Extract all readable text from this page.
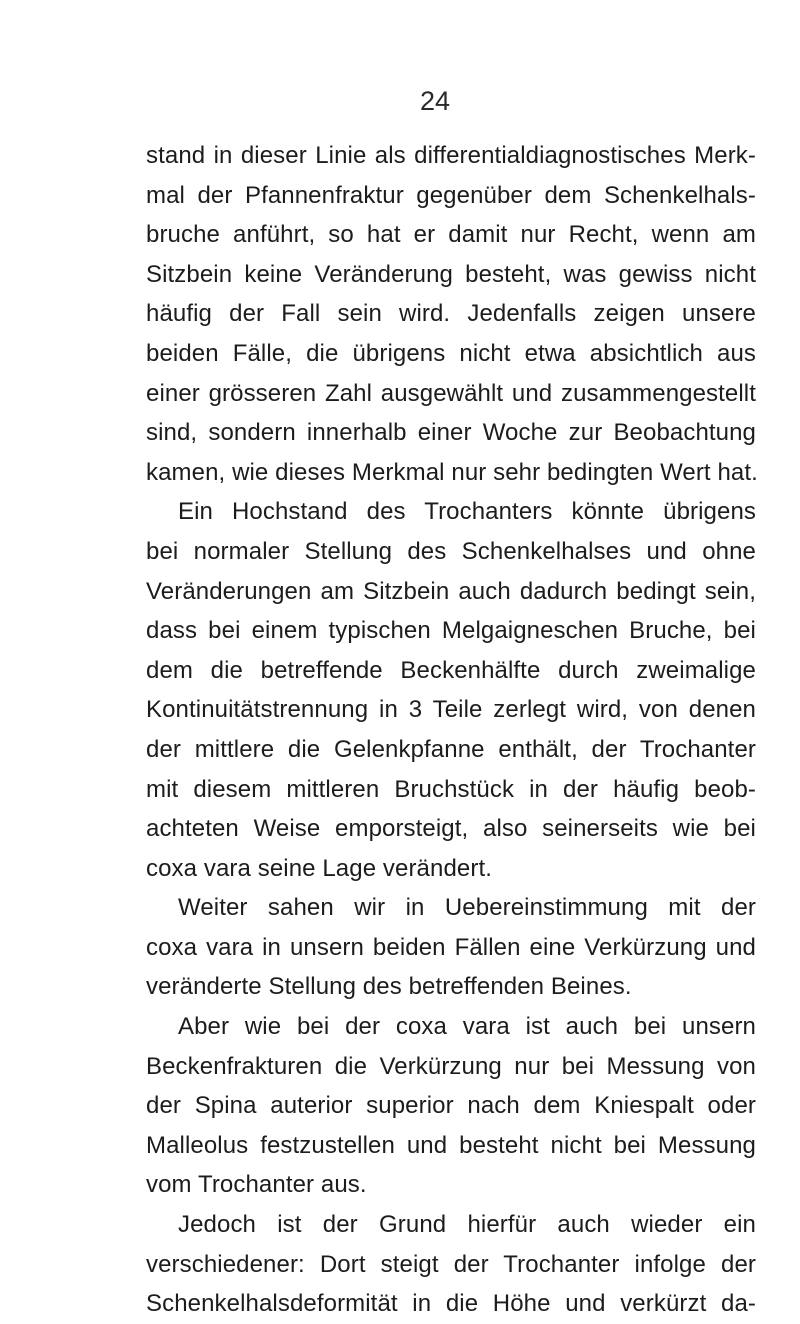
24
stand in dieser Linie als differentialdiagnostisches Merk-
mal der Pfannenfraktur gegenüber dem Schenkelhals-
bruche anführt, so hat er damit nur Recht, wenn am
Sitzbein keine Veränderung besteht, was gewiss nicht
häufig der Fall sein wird. Jedenfalls zeigen unsere
beiden Fälle, die übrigens nicht etwa absichtlich aus
einer grösseren Zahl ausgewählt und zusammengestellt
sind, sondern innerhalb einer Woche zur Beobachtung
kamen, wie dieses Merkmal nur sehr bedingten Wert hat.
Ein Hochstand des Trochanters könnte übrigens
bei normaler Stellung des Schenkelhalses und ohne
Veränderungen am Sitzbein auch dadurch bedingt sein,
dass bei einem typischen Melgaigneschen Bruche, bei
dem die betreffende Beckenhälfte durch zweimalige
Kontinuitätstrennung in 3 Teile zerlegt wird, von denen
der mittlere die Gelenkpfanne enthält, der Trochanter
mit diesem mittleren Bruchstück in der häufig beob-
achteten Weise emporsteigt, also seinerseits wie bei
coxa vara seine Lage verändert.
Weiter sahen wir in Uebereinstimmung mit der
coxa vara in unsern beiden Fällen eine Verkürzung und
veränderte Stellung des betreffenden Beines.
Aber wie bei der coxa vara ist auch bei unsern
Beckenfrakturen die Verkürzung nur bei Messung von
der Spina auterior superior nach dem Kniespalt oder
Malleolus festzustellen und besteht nicht bei Messung
vom Trochanter aus.
Jedoch ist der Grund hierfür auch wieder ein
verschiedener: Dort steigt der Trochanter infolge der
Schenkelhalsdeformität in die Höhe und verkürzt da-
